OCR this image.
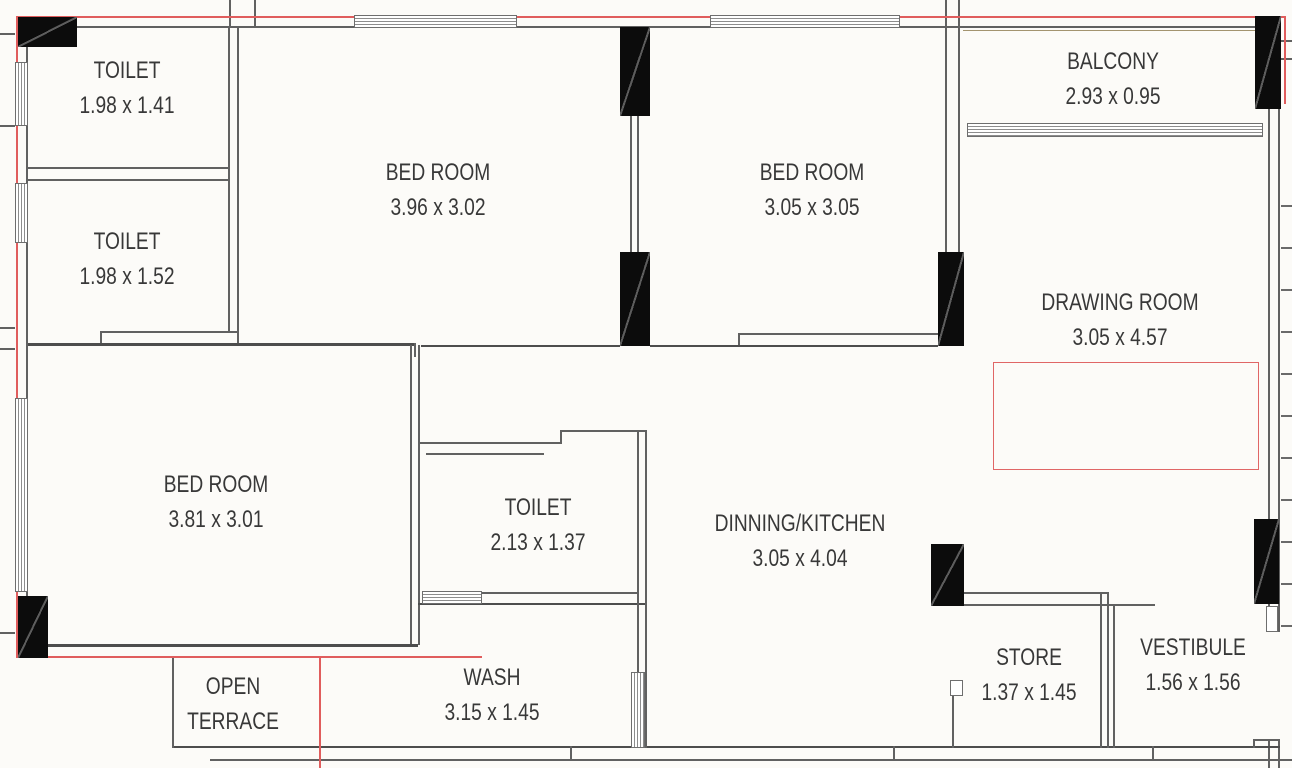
TOILET
1.98 x 1.41
TOILET
1.98 x 1.52
BED ROOM
3.96 x 3.02
BED ROOM
3.05 x 3.05
BALCONY
2.93 x 0.95
DRAWING ROOM
3.05 x 4.57
BED ROOM
3.81 x 3.01	TOILET
2.13 x 1.37
DINNING/KITCHEN
3.05 x 4.04
WASH
3.15 x 1.45
OPEN TERRACE
STORE
1.37 x 1.45
VESTIBULE
1.56 x 1.56
